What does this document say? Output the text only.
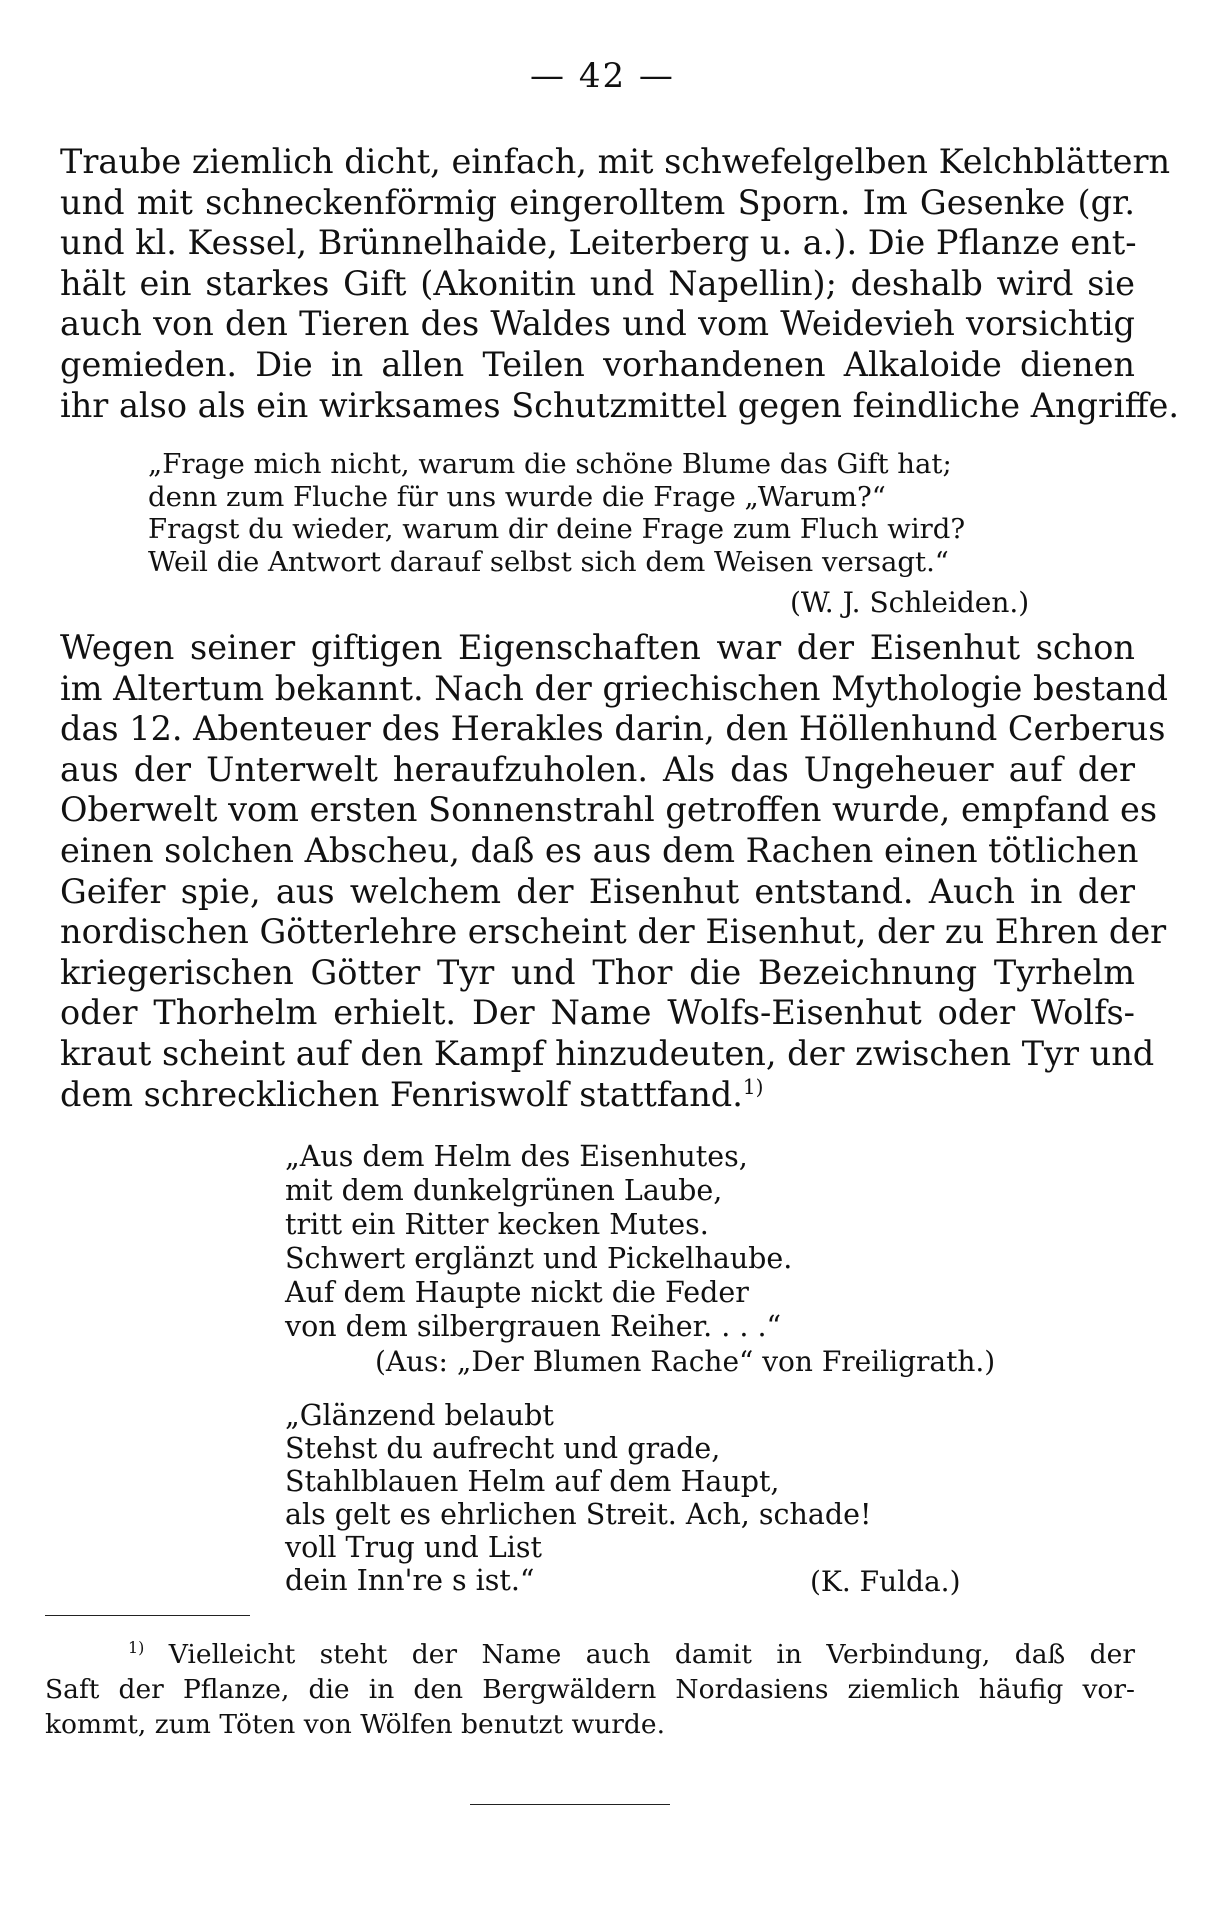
— 42 —
Traube ziemlich dicht, einfach, mit schwefelgelben Kelchblättern
und mit schneckenförmig eingerolltem Sporn. Im Gesenke (gr.
und kl. Kessel, Brünnelhaide, Leiterberg u. a.). Die Pflanze ent-
hält ein starkes Gift (Akonitin und Napellin); deshalb wird sie
auch von den Tieren des Waldes und vom Weidevieh vorsichtig
gemieden. Die in allen Teilen vorhandenen Alkaloide dienen
ihr also als ein wirksames Schutzmittel gegen feindliche Angriffe.
„Frage mich nicht, warum die schöne Blume das Gift hat;
denn zum Fluche für uns wurde die Frage „Warum?“
Fragst du wieder, warum dir deine Frage zum Fluch wird?
Weil die Antwort darauf selbst sich dem Weisen versagt.“
(W. J. Schleiden.)
Wegen seiner giftigen Eigenschaften war der Eisenhut schon
im Altertum bekannt. Nach der griechischen Mythologie bestand
das 12. Abenteuer des Herakles darin, den Höllenhund Cerberus
aus der Unterwelt heraufzuholen. Als das Ungeheuer auf der
Oberwelt vom ersten Sonnenstrahl getroffen wurde, empfand es
einen solchen Abscheu, daß es aus dem Rachen einen tötlichen
Geifer spie, aus welchem der Eisenhut entstand. Auch in der
nordischen Götterlehre erscheint der Eisenhut, der zu Ehren der
kriegerischen Götter Tyr und Thor die Bezeichnung Tyrhelm
oder Thorhelm erhielt. Der Name Wolfs-Eisenhut oder Wolfs-
kraut scheint auf den Kampf hinzudeuten, der zwischen Tyr und
dem schrecklichen Fenriswolf stattfand.$^{1)}$
„Aus dem Helm des Eisenhutes,
mit dem dunkelgrünen Laube,
tritt ein Ritter kecken Mutes.
Schwert erglänzt und Pickelhaube.
Auf dem Haupte nickt die Feder
von dem silbergrauen Reiher. . . .“
(Aus: „Der Blumen Rache“ von Freiligrath.)
„Glänzend belaubt
Stehst du aufrecht und grade,
Stahlblauen Helm auf dem Haupt,
als gelt es ehrlichen Streit. Ach, schade!
voll Trug und List
dein Inn're s ist.“	(K. Fulda.)
$^{1)}$ Vielleicht steht der Name auch damit in Verbindung, daß der
Saft der Pflanze, die in den Bergwäldern Nordasiens ziemlich häufig vor-
kommt, zum Töten von Wölfen benutzt wurde.
